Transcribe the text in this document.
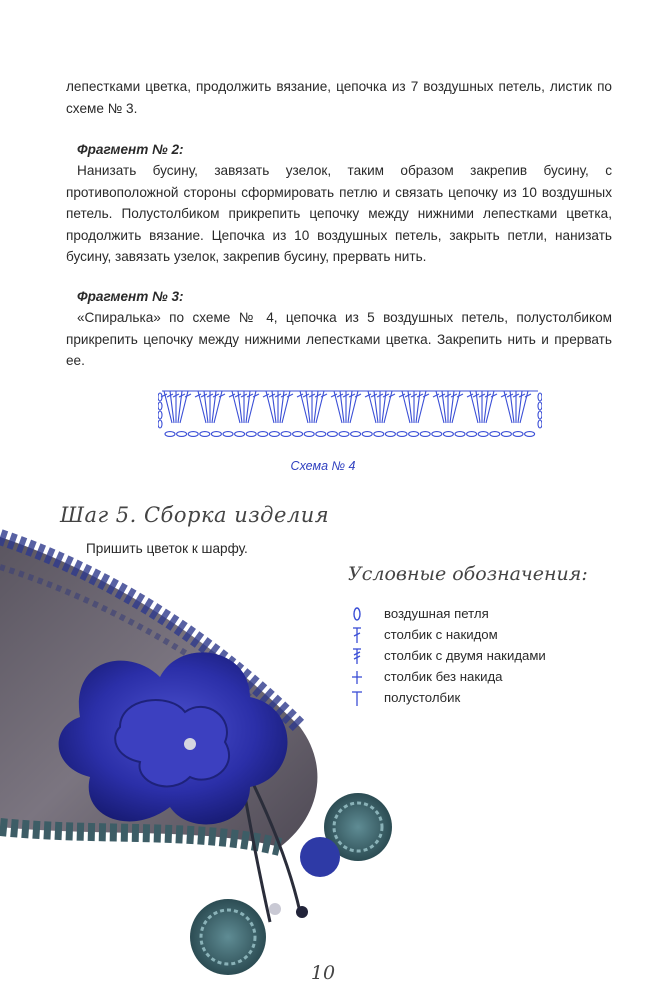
лепестками цветка, продолжить вязание, цепочка из 7 воздушных петель, листик по схеме № 3.

Фрагмент № 2:

Нанизать бусину, завязать узелок, таким образом закрепив бусину, с противоположной стороны сформировать петлю и связать цепочку из 10 воздушных петель. Полустолбиком прикрепить цепочку между нижними лепестками цветка, продолжить вязание. Цепочка из 10 воздушных петель, закрыть петли, нанизать бусину, завязать узелок, закрепив бусину, прервать нить.

Фрагмент № 3:

«Спиралька» по схеме № 4, цепочка из 5 воздушных петель, полустолбиком прикрепить цепочку между нижними лепестками цветка. Закрепить нить и прервать ее.

Схема № 4
Шаг 5. Сборка изделия
Пришить цветок к шарфу.
Условные обозначения:
воздушная петля
столбик с накидом
столбик с двумя накидами
столбик без накида
полустолбик
10
